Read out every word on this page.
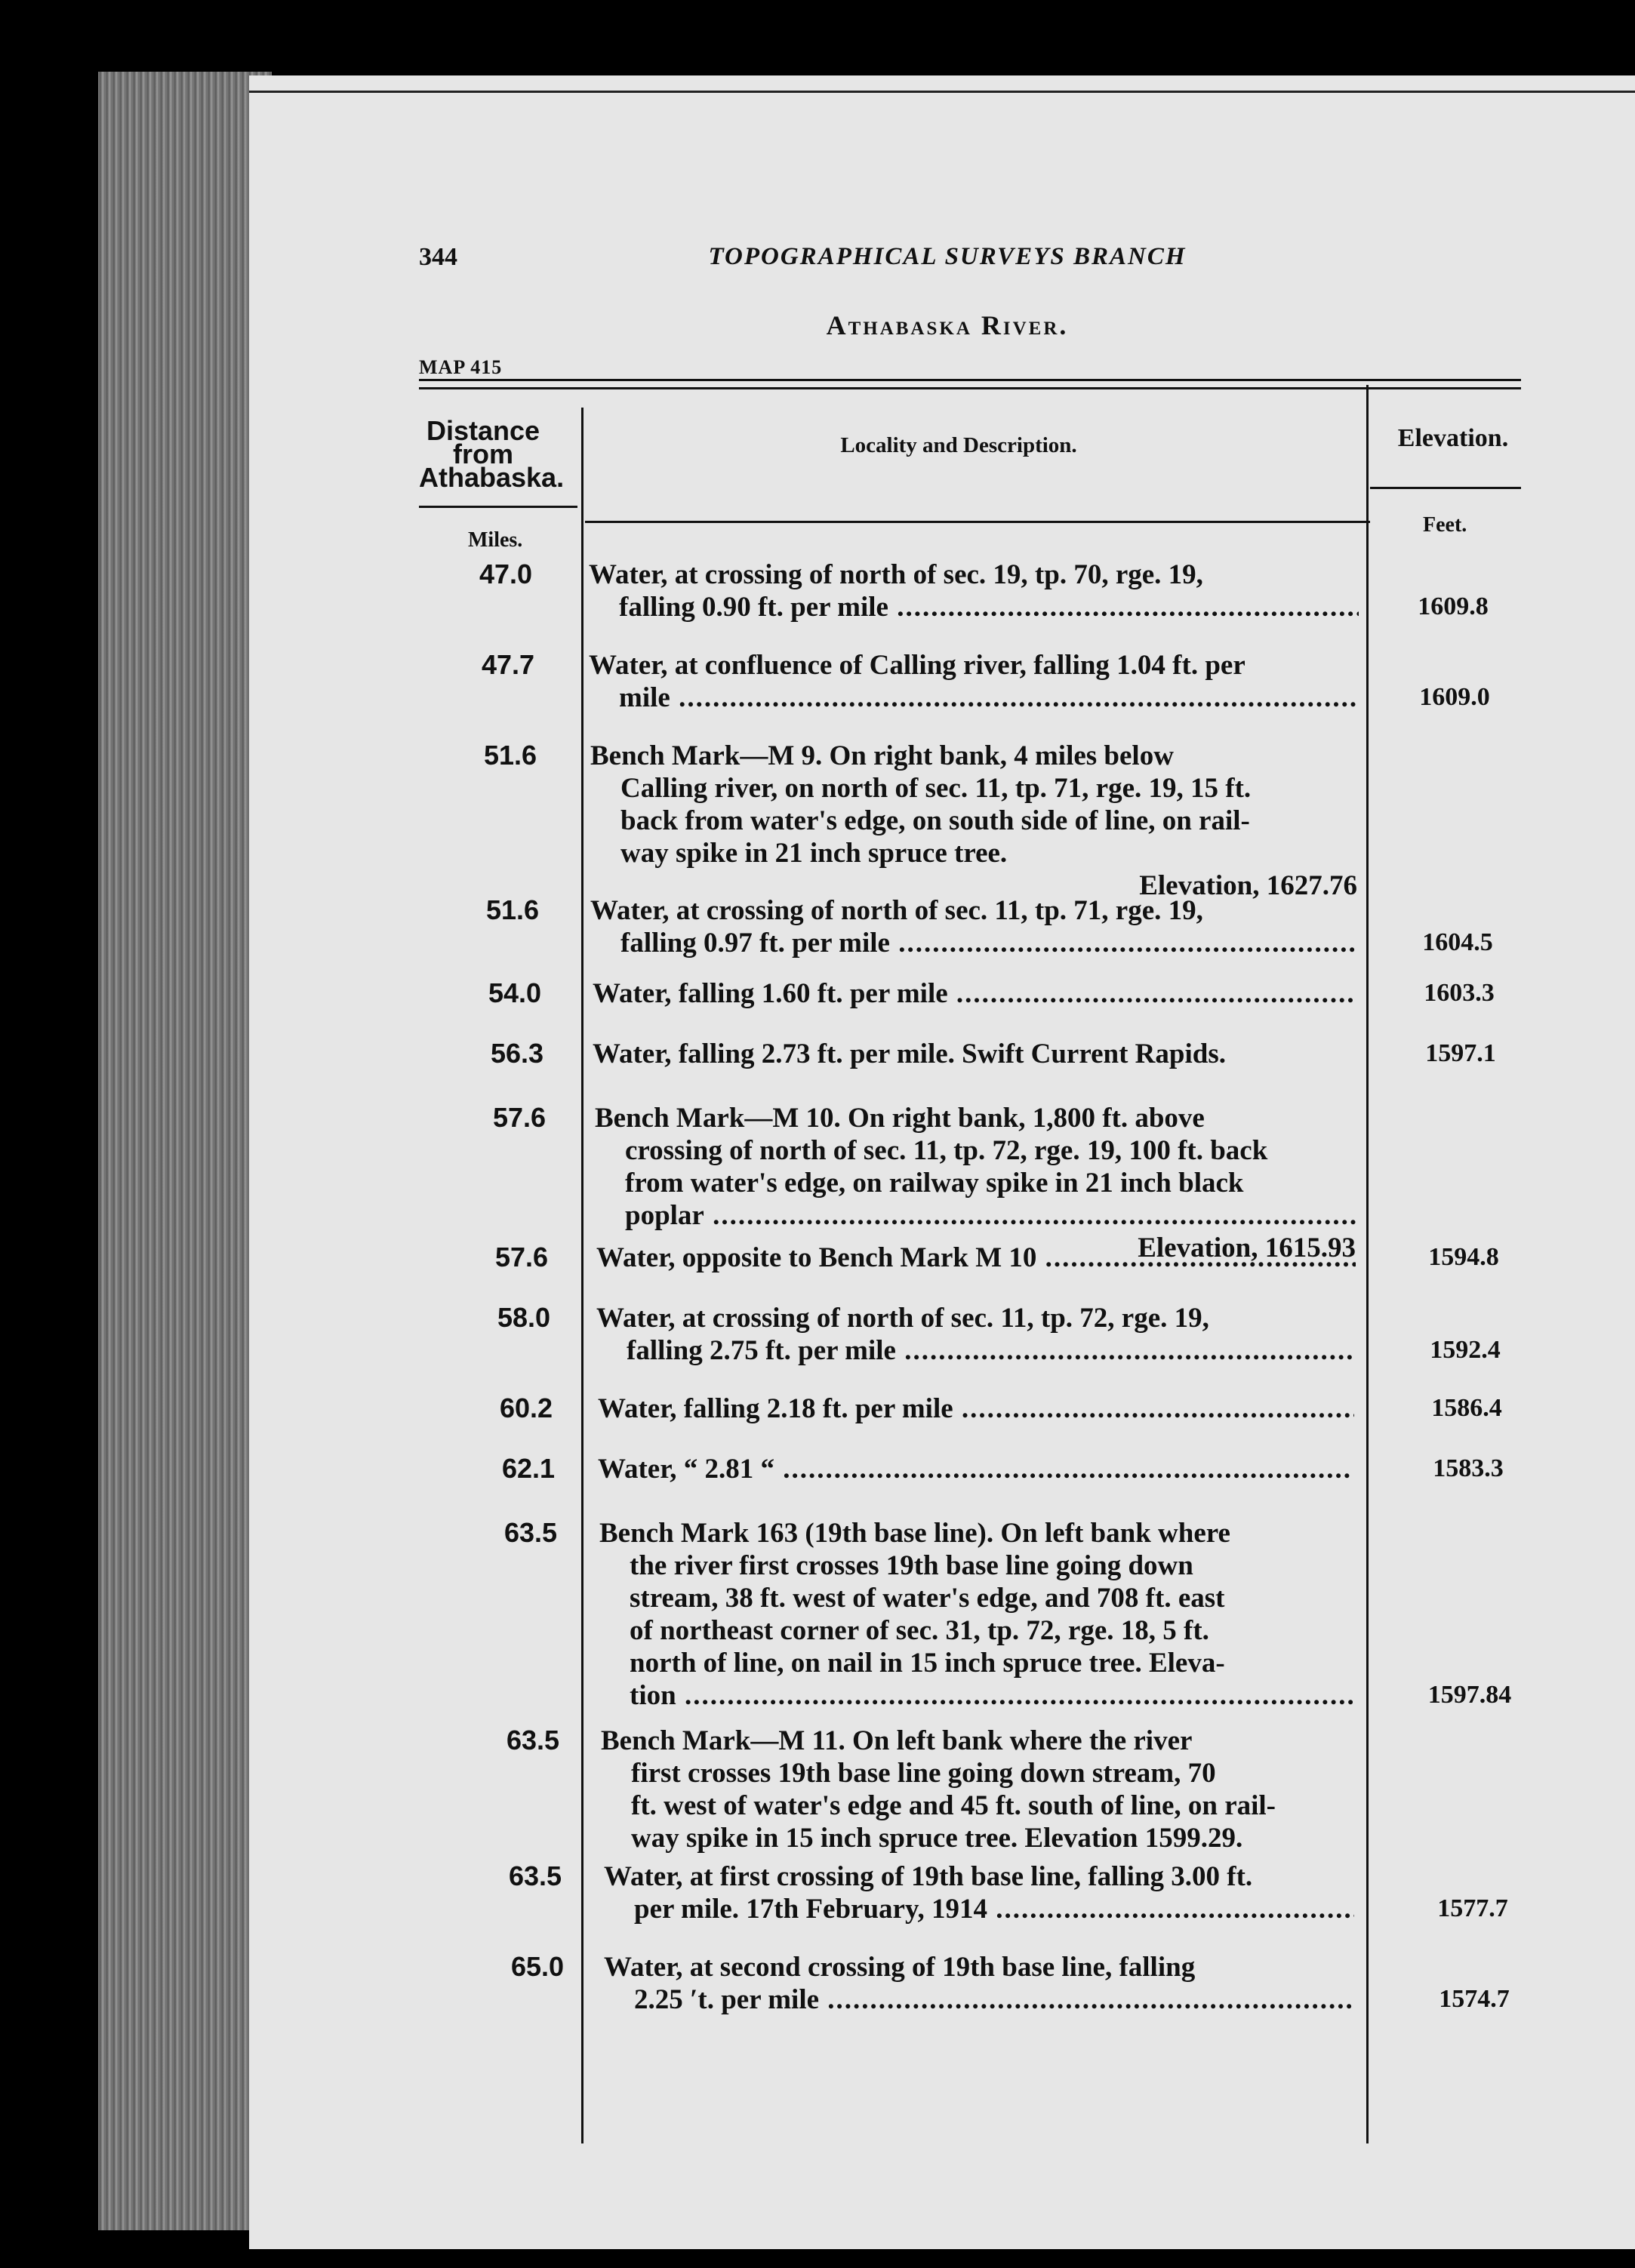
344	TOPOGRAPHICAL SURVEYS BRANCH
Athabaska River.
MAP 415
Distance from Athabaska.
Locality and Description.	Elevation.
Miles.
Feet.
47.0	Water, at crossing of north of sec. 19, tp. 70, rge. 19,
falling 0.90 ft. per mile .....	1609.8
47.7	Water, at confluence of Calling river, falling 1.04 ft. per
mile .....	1609.0
51.6	Bench Mark—M 9. On right bank, 4 miles below
Calling river, on north of sec. 11, tp. 71, rge. 19, 15 ft.
back from water's edge, on south side of line, on rail-
way spike in 21 inch spruce tree.
Elevation, 1627.76
51.6	Water, at crossing of north of sec. 11, tp. 71, rge. 19,
falling 0.97 ft. per mile .....	1604.5
54.0	Water, falling 1.60 ft. per mile .....	1603.3
56.3	Water, falling 2.73 ft. per mile. Swift Current Rapids.	1597.1
57.6	Bench Mark—M 10. On right bank, 1,800 ft. above
crossing of north of sec. 11, tp. 72, rge. 19, 100 ft. back
from water's edge, on railway spike in 21 inch black
poplar .....
Elevation, 1615.93
57.6	Water, opposite to Bench Mark M 10 .....	1594.8
58.0	Water, at crossing of north of sec. 11, tp. 72, rge. 19,
falling 2.75 ft. per mile .....	1592.4
60.2	Water, falling 2.18 ft. per mile .....	1586.4
62.1	Water, “ 2.81 “ .....	1583.3
63.5	Bench Mark 163 (19th base line). On left bank where
the river first crosses 19th base line going down
stream, 38 ft. west of water's edge, and 708 ft. east
of northeast corner of sec. 31, tp. 72, rge. 18, 5 ft.
north of line, on nail in 15 inch spruce tree. Eleva-
tion .....	1597.84
63.5	Bench Mark—M 11. On left bank where the river
first crosses 19th base line going down stream, 70
ft. west of water's edge and 45 ft. south of line, on rail-
way spike in 15 inch spruce tree. Elevation 1599.29.
63.5	Water, at first crossing of 19th base line, falling 3.00 ft.
per mile. 17th February, 1914 .....	1577.7
65.0	Water, at second crossing of 19th base line, falling
2.25 ′t. per mile .....	1574.7
